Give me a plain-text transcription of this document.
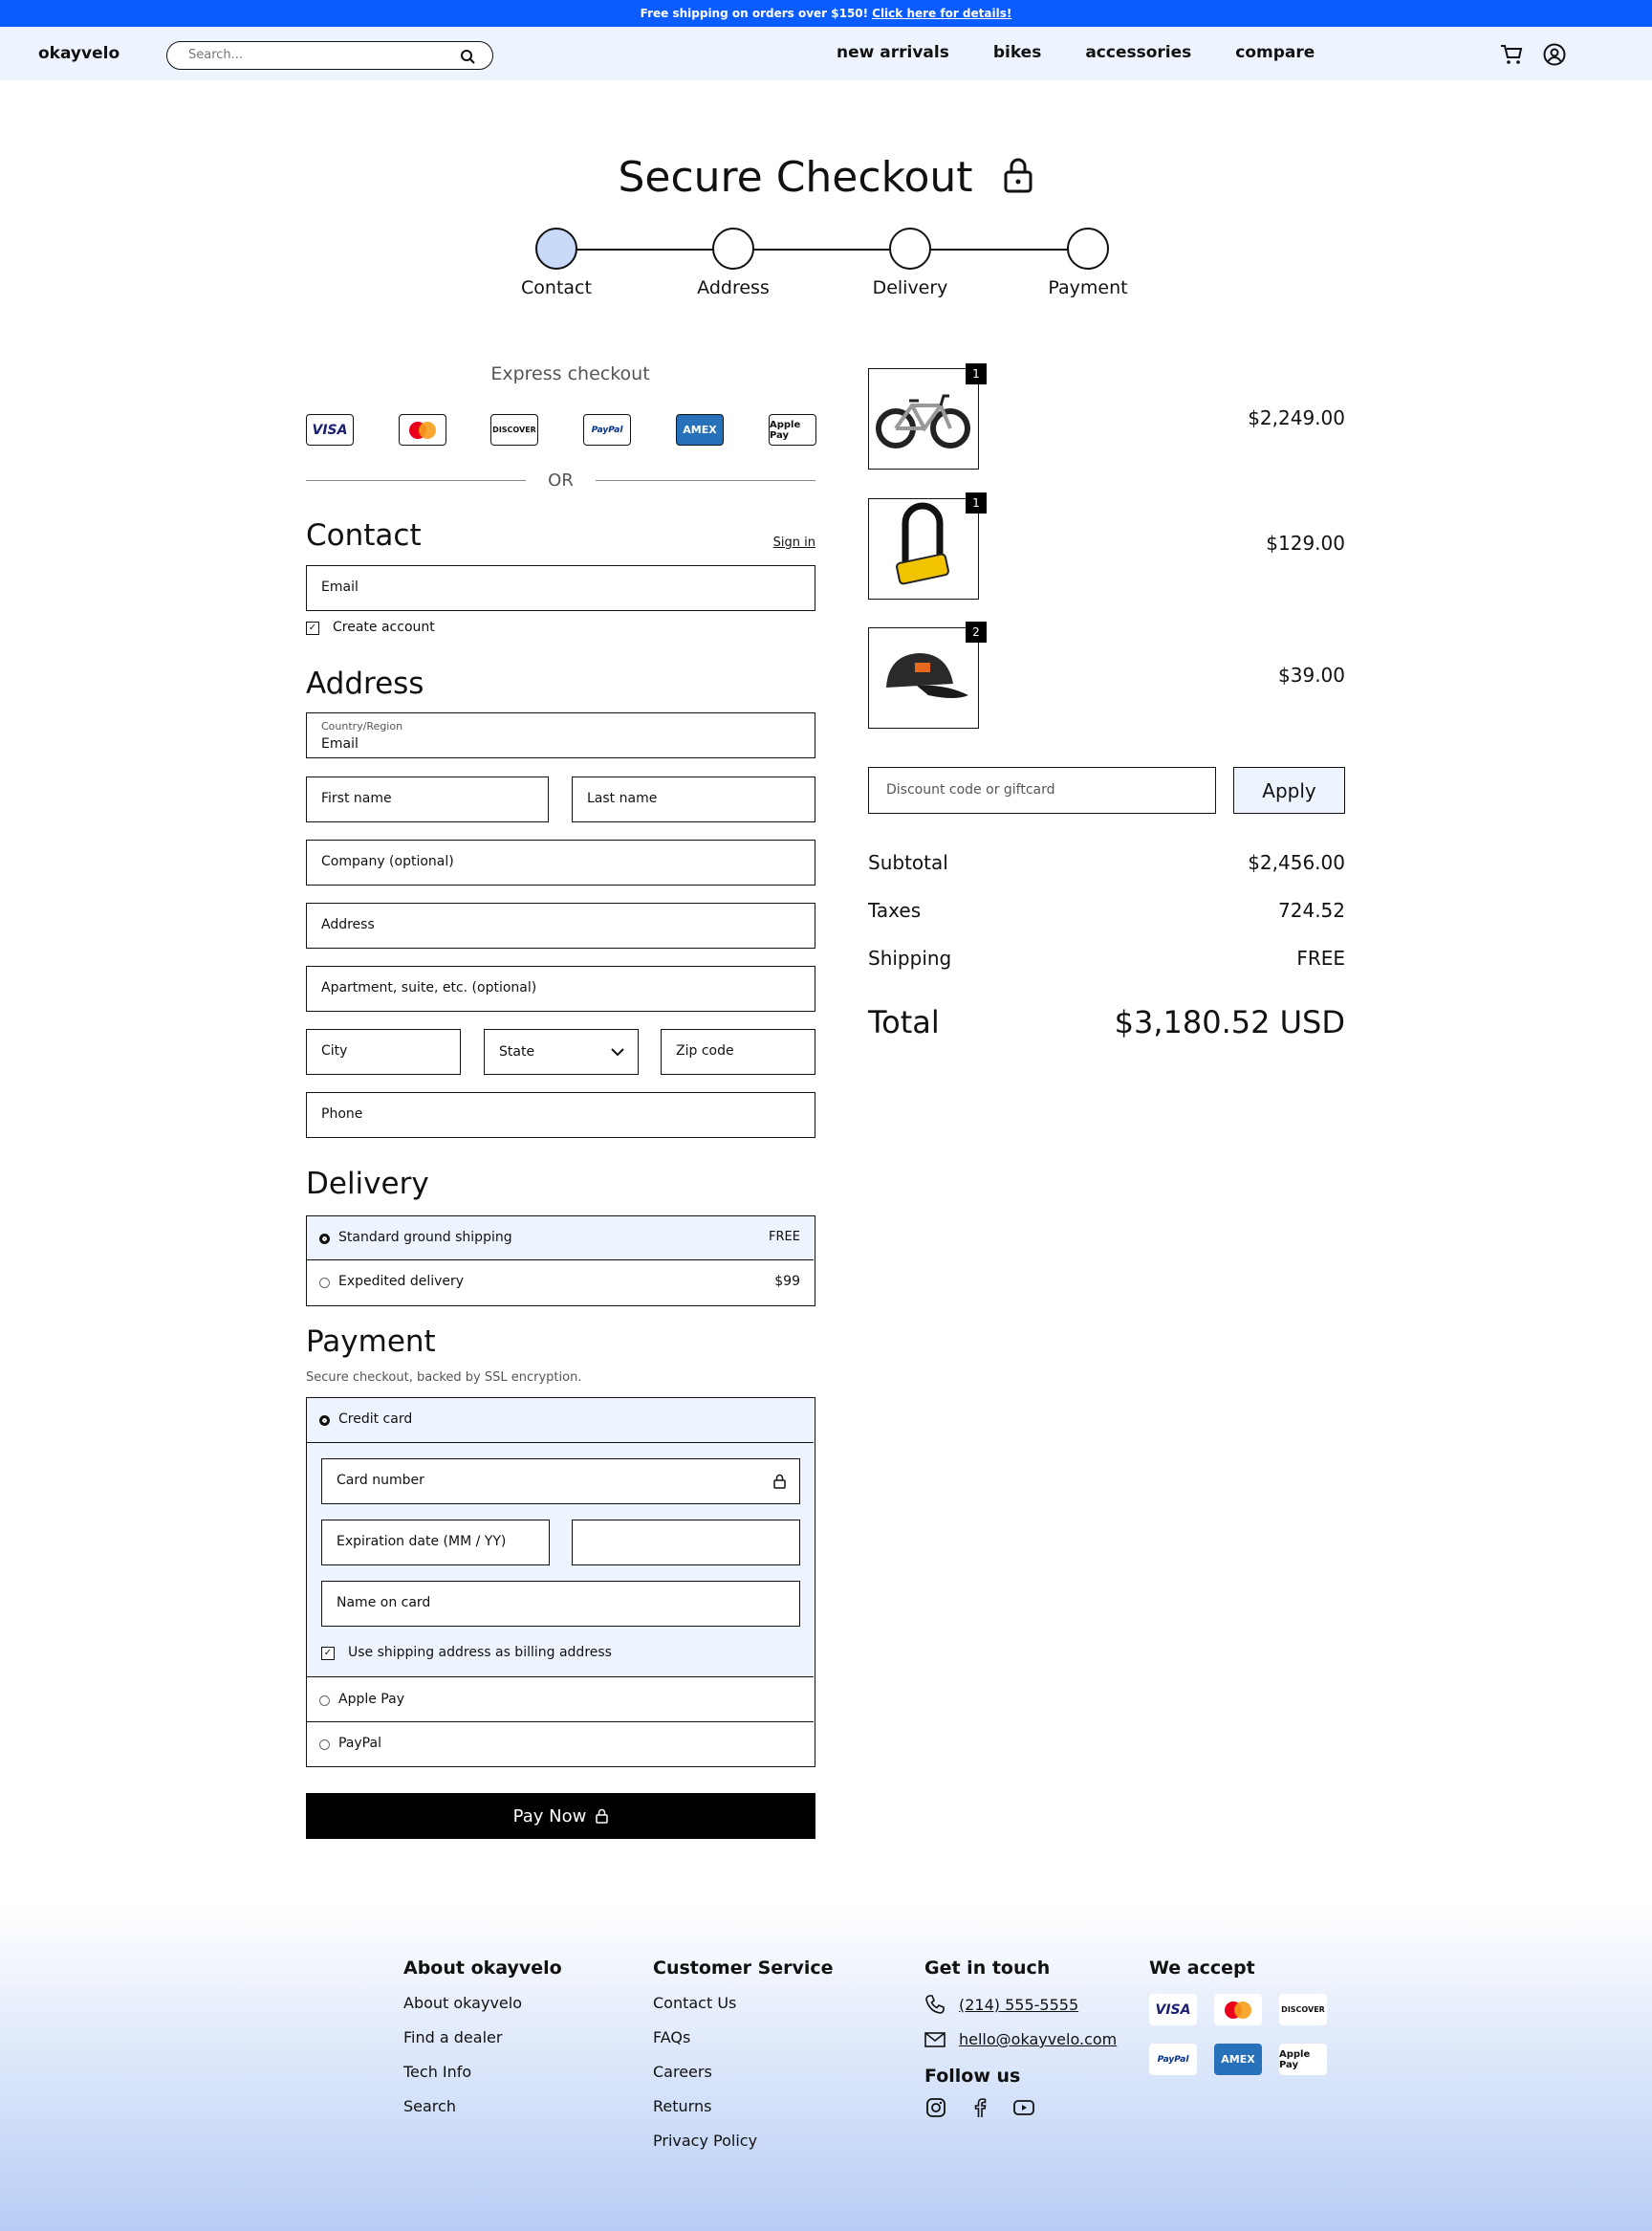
Free shipping on orders over $150! Click here for details!
okayvelo
Search...	new arrivals	bikes	accessories	compare
Secure Checkout
Contact	Address	Delivery	Payment
Express checkout
VISA	DISCOVER	PayPal	AMEX	Apple Pay
OR
Contact	Sign in
Email
✓ Create account
Address
Country/Region
Email
First name
Last name
Company (optional)
Address
Apartment, suite, etc. (optional)
City
State
Zip code
Phone
Delivery
Standard ground shipping	FREE
Expedited delivery	$99
Payment
Secure checkout, backed by SSL encryption.
Credit card
Card number
Expiration date (MM / YY)
Name on card
✓ Use shipping address as billing address
Apple Pay
PayPal
Pay Now
1
$2,249.00
1
$129.00
2
$39.00
Discount code or giftcard
Apply
Subtotal	$2,456.00
Taxes	724.52
Shipping	FREE
Total	$3,180.52 USD
About okayvelo
About okayvelo
Find a dealer
Tech Info
Search
Customer Service
Contact Us
FAQs
Careers
Returns
Privacy Policy
Get in touch
(214) 555-5555
hello@okayvelo.com
Follow us
We accept
VISA	DISCOVER
PayPal	AMEX	Apple Pay
